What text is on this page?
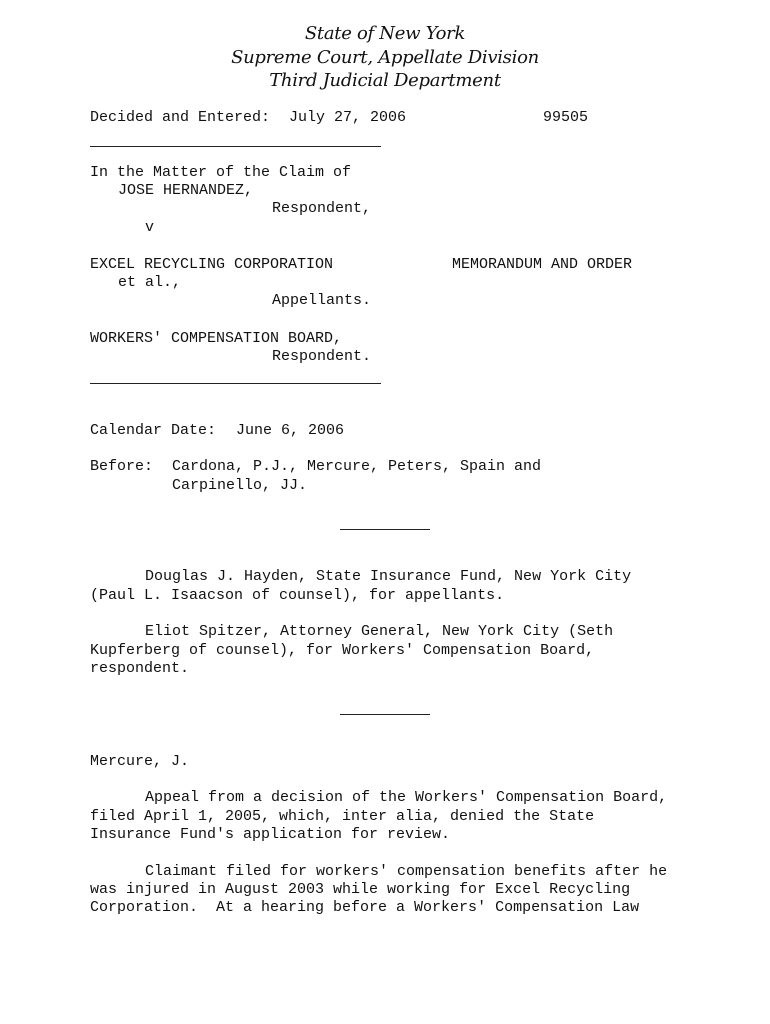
State of New York
Supreme Court, Appellate Division
Third Judicial Department
Decided and Entered: July 27, 2006	99505
In the Matter of the Claim of
JOSE HERNANDEZ,
Respondent,
v
EXCEL RECYCLING CORPORATION	MEMORANDUM AND ORDER
et al.,
Appellants.
WORKERS' COMPENSATION BOARD,
Respondent.
Calendar Date: June 6, 2006
Before: Cardona, P.J., Mercure, Peters, Spain and
Carpinello, JJ.
Douglas J. Hayden, State Insurance Fund, New York City
(Paul L. Isaacson of counsel), for appellants.
Eliot Spitzer, Attorney General, New York City (Seth
Kupferberg of counsel), for Workers' Compensation Board,
respondent.
Mercure, J.
Appeal from a decision of the Workers' Compensation Board,
filed April 1, 2005, which, inter alia, denied the State
Insurance Fund's application for review.
Claimant filed for workers' compensation benefits after he
was injured in August 2003 while working for Excel Recycling
Corporation.  At a hearing before a Workers' Compensation Law
